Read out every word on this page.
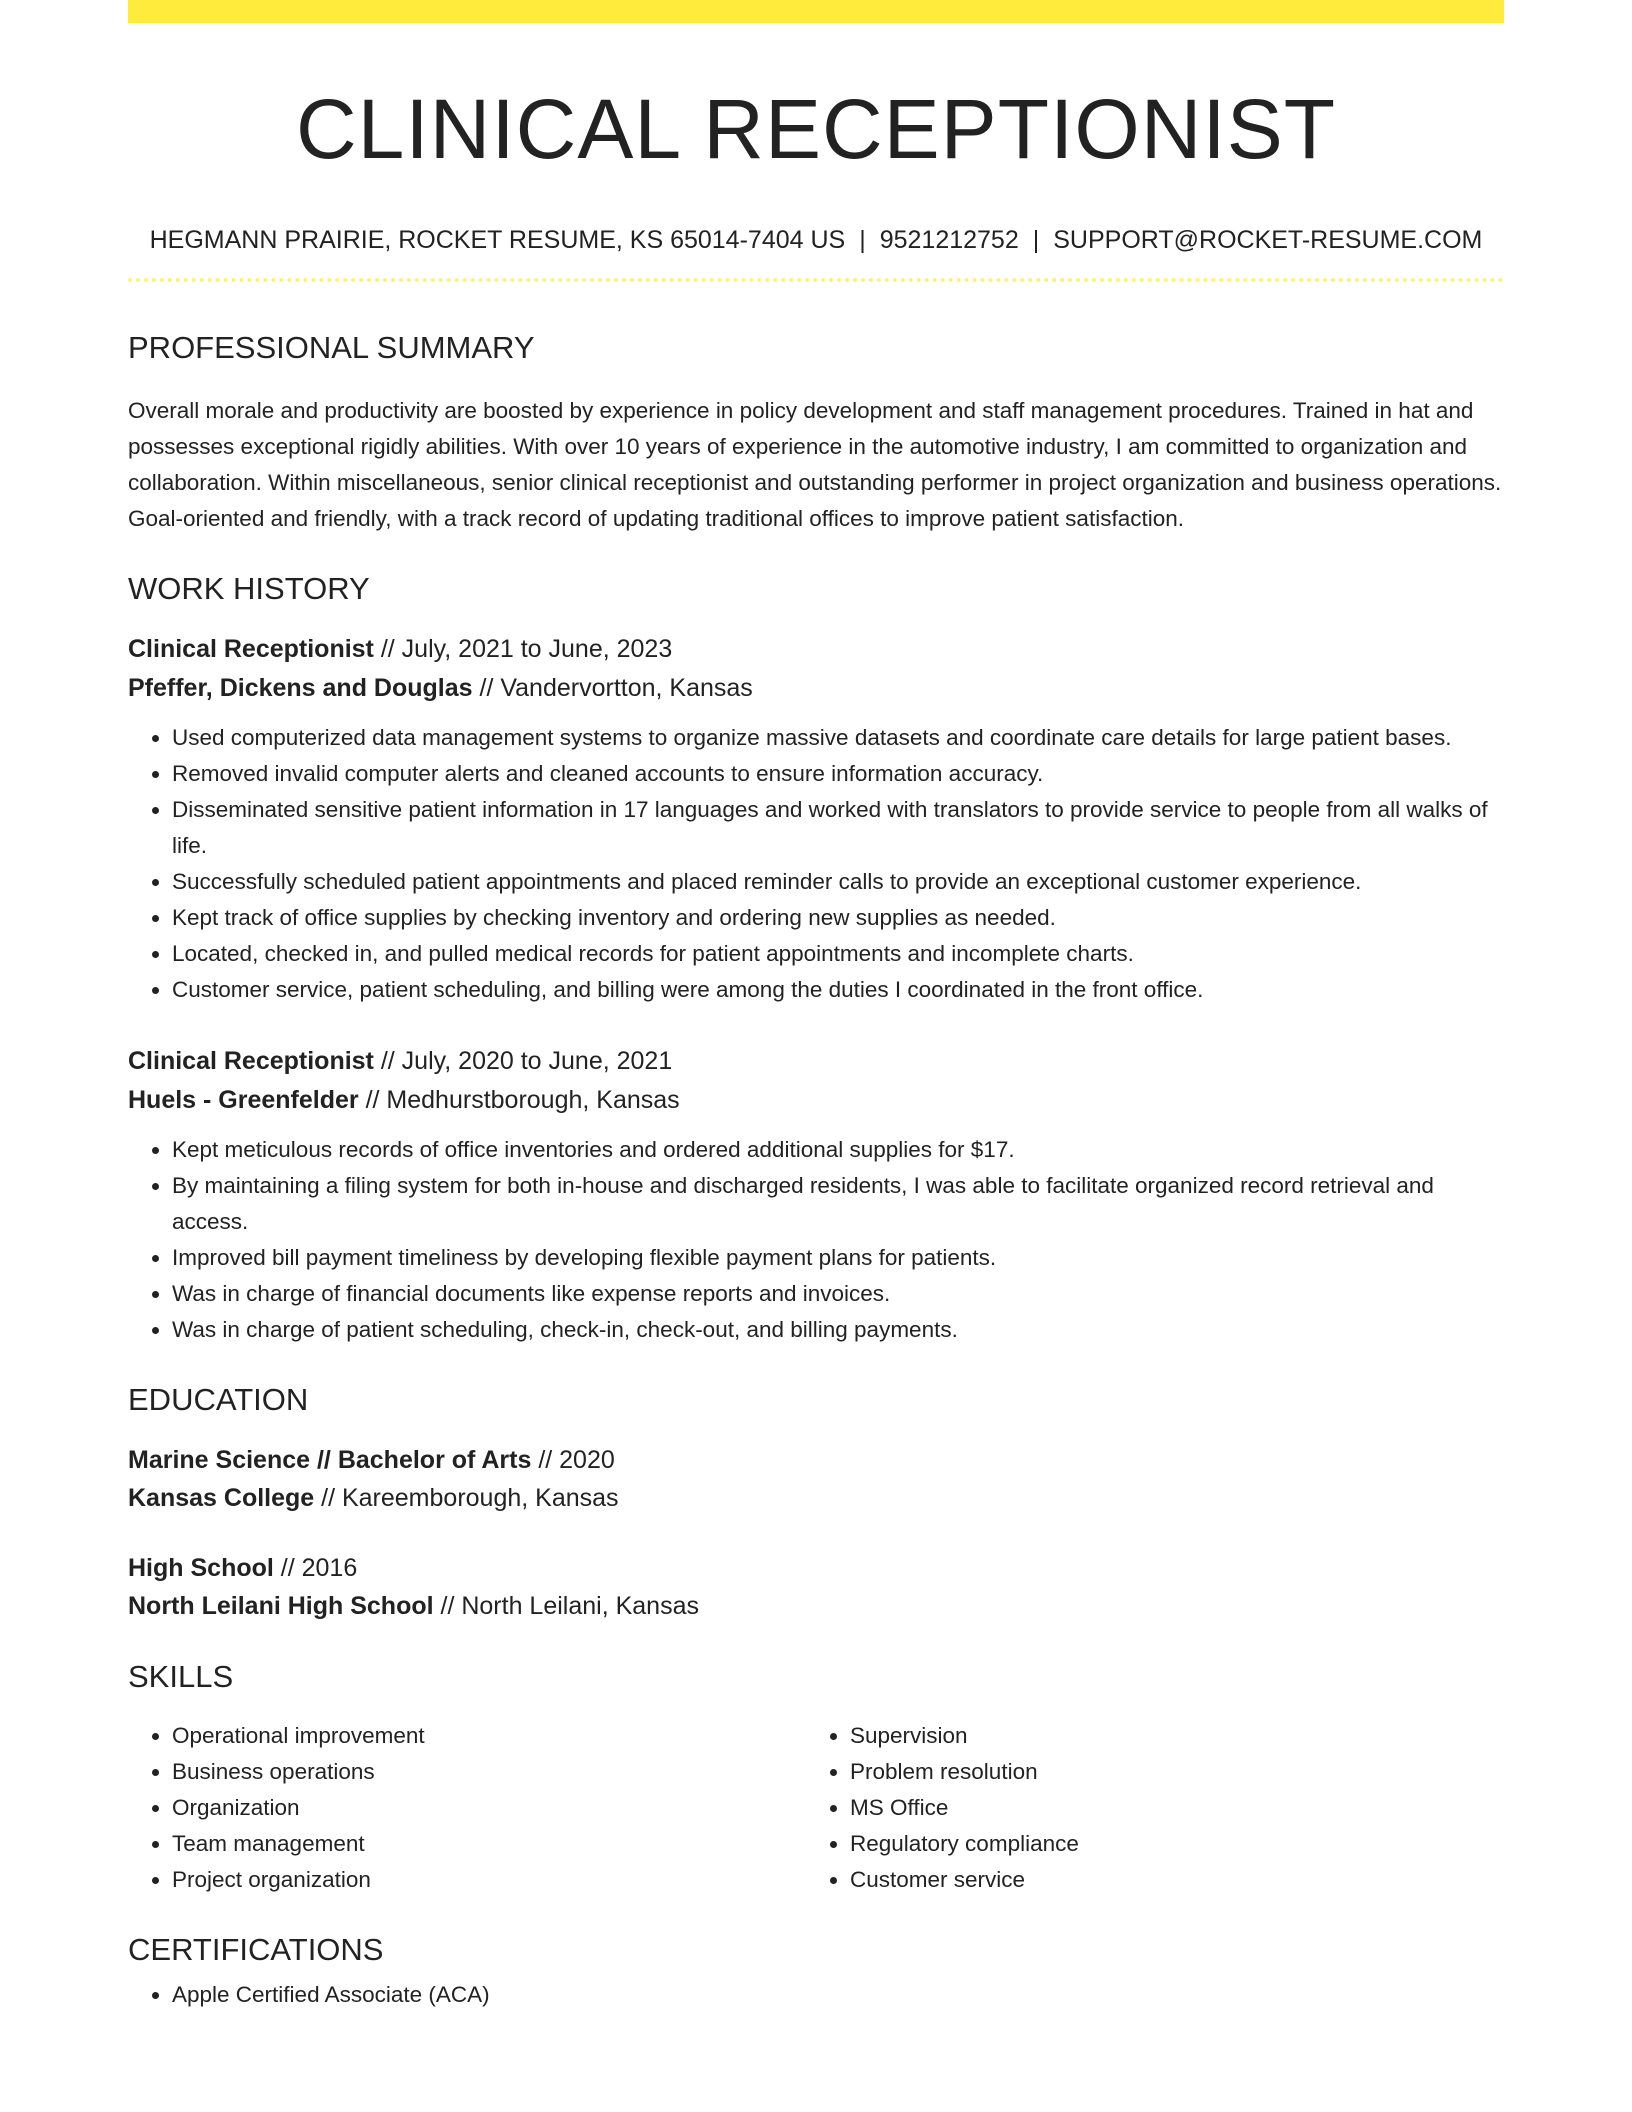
CLINICAL RECEPTIONIST
HEGMANN PRAIRIE, ROCKET RESUME, KS 65014-7404 US | 9521212752 | SUPPORT@ROCKET-RESUME.COM
PROFESSIONAL SUMMARY
Overall morale and productivity are boosted by experience in policy development and staff management procedures. Trained in hat and possesses exceptional rigidly abilities. With over 10 years of experience in the automotive industry, I am committed to organization and collaboration. Within miscellaneous, senior clinical receptionist and outstanding performer in project organization and business operations. Goal-oriented and friendly, with a track record of updating traditional offices to improve patient satisfaction.
WORK HISTORY
Clinical Receptionist // July, 2021 to June, 2023
Pfeffer, Dickens and Douglas // Vandervortton, Kansas
• Used computerized data management systems to organize massive datasets and coordinate care details for large patient bases.
• Removed invalid computer alerts and cleaned accounts to ensure information accuracy.
• Disseminated sensitive patient information in 17 languages and worked with translators to provide service to people from all walks of life.
• Successfully scheduled patient appointments and placed reminder calls to provide an exceptional customer experience.
• Kept track of office supplies by checking inventory and ordering new supplies as needed.
• Located, checked in, and pulled medical records for patient appointments and incomplete charts.
• Customer service, patient scheduling, and billing were among the duties I coordinated in the front office.
Clinical Receptionist // July, 2020 to June, 2021
Huels - Greenfelder // Medhurstborough, Kansas
• Kept meticulous records of office inventories and ordered additional supplies for $17.
• By maintaining a filing system for both in-house and discharged residents, I was able to facilitate organized record retrieval and access.
• Improved bill payment timeliness by developing flexible payment plans for patients.
• Was in charge of financial documents like expense reports and invoices.
• Was in charge of patient scheduling, check-in, check-out, and billing payments.
EDUCATION
Marine Science // Bachelor of Arts // 2020
Kansas College // Kareemborough, Kansas
High School // 2016
North Leilani High School // North Leilani, Kansas
SKILLS
• Operational improvement
• Business operations
• Organization
• Team management
• Project organization
• Supervision
• Problem resolution
• MS Office
• Regulatory compliance
• Customer service
CERTIFICATIONS
• Apple Certified Associate (ACA)
